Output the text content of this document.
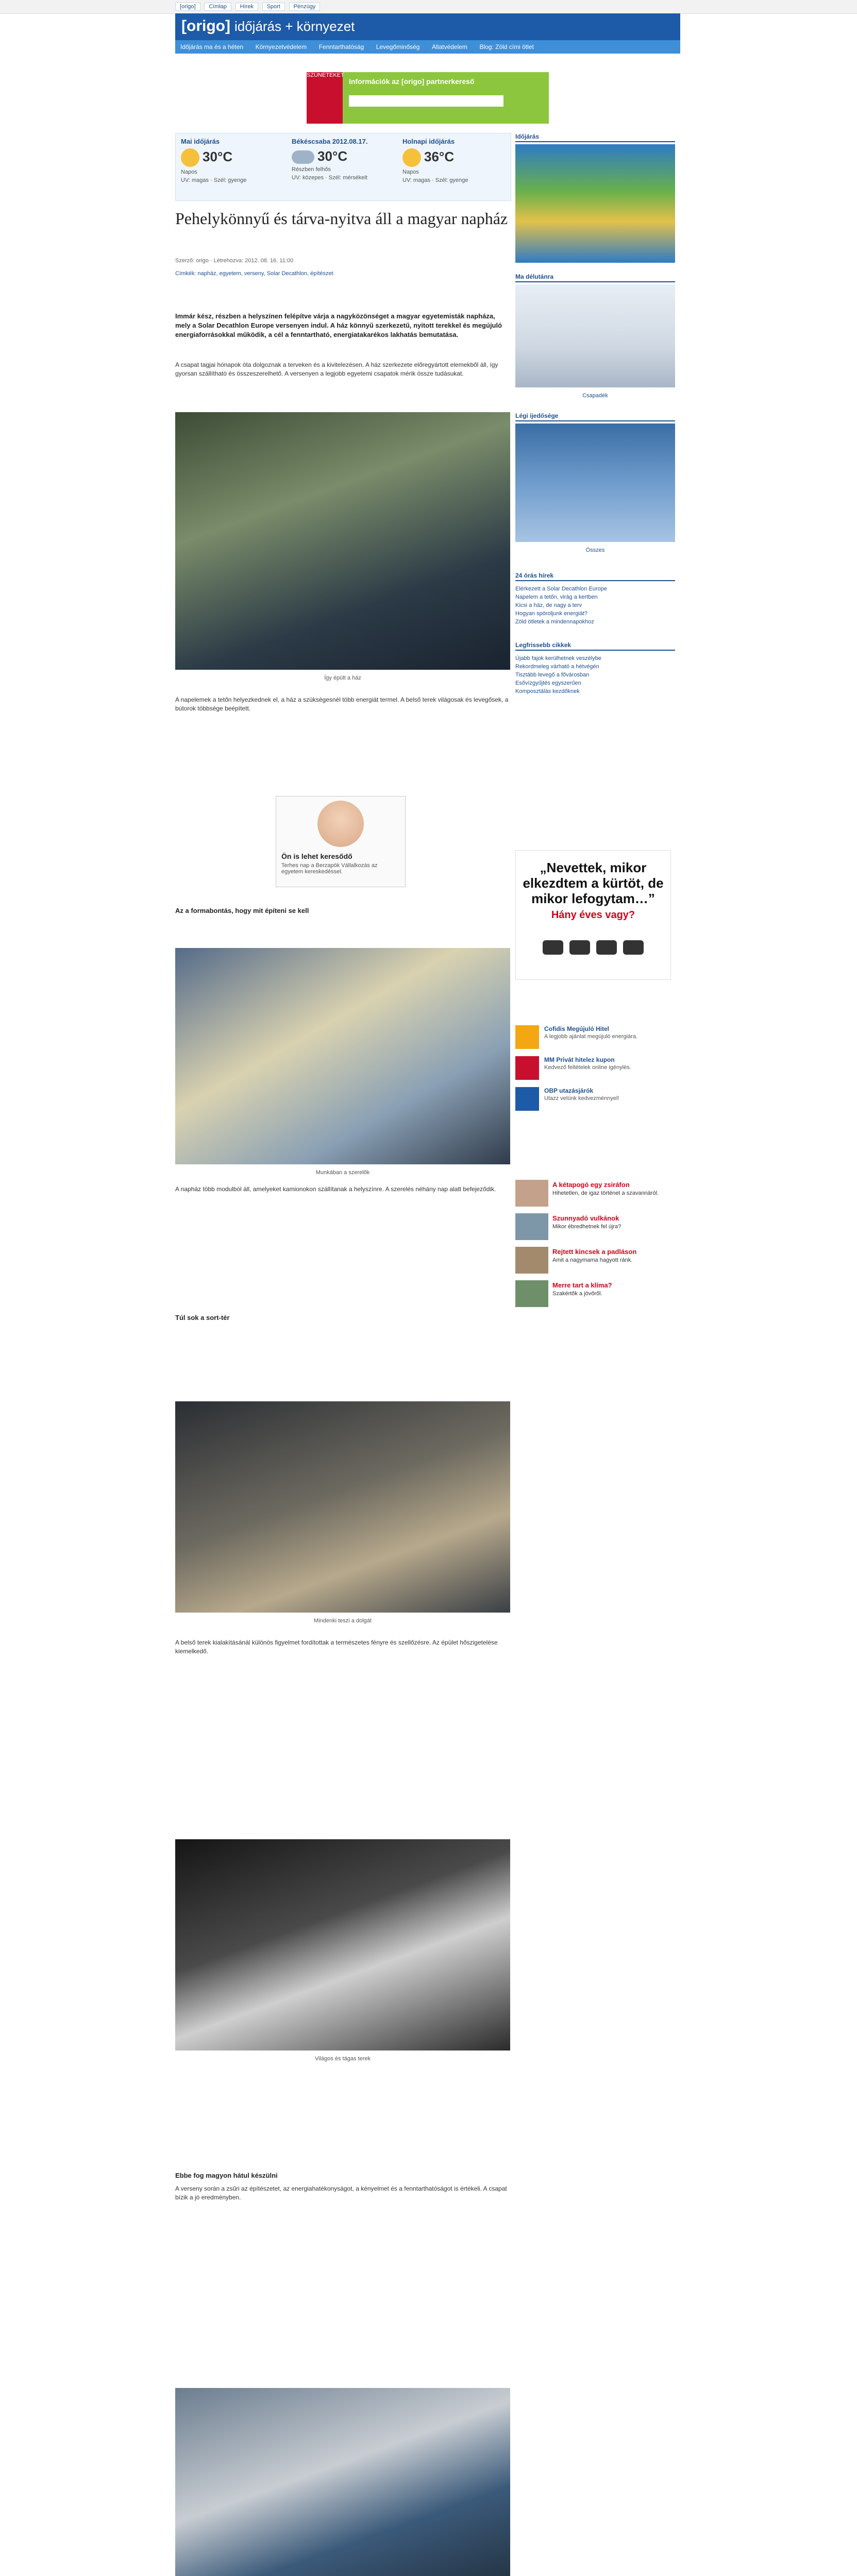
[origo] Címlap Hírek Sport Pénzügy
[origo] időjárás + környezet
Időjárás ma és a héten Környezetvédelem Fenntarthatóság Levegőminőség Allatvédelem Blog: Zöld cími ötlet
SZÜNETEKET
Információk az [origo] partnerkereső
Mai időjárás
30°C
Napos
UV: magas · Szél: gyenge
Békéscsaba 2012.08.17.
30°C
Részben felhős
UV: közepes · Szél: mérsékelt
Holnapi időjárás
36°C
Napos
UV: magas · Szél: gyenge
Pehelykönnyű és tárva-nyitva áll a magyar napház
Szerző: origo · Létrehozva: 2012. 08. 16. 11:00
Címkék: napház, egyetem, verseny, Solar Decathlon, építészet
Immár kész, részben a helyszínen felépítve várja a nagyközönséget a magyar egyetemisták napháza, mely a Solar Decathlon Europe versenyen indul. A ház könnyű szerkezetű, nyitott terekkel és megújuló energiaforrásokkal működik, a cél a fenntartható, energiatakarékos lakhatás bemutatása.
A csapat tagjai hónapok óta dolgoznak a terveken és a kivitelezésen. A ház szerkezete előregyártott elemekből áll, így gyorsan szállítható és összeszerelhető. A versenyen a legjobb egyetemi csapatok mérik össze tudásukat.
Így épült a ház
A napelemek a tetőn helyezkednek el, a ház a szükségesnél több energiát termel. A belső terek világosak és levegősek, a bútorok többsége beépített.
Ön is lehet keresődő
Terhes nap a Berzapók Vállalkozás az egyetem kereskedéssel.
Az a formabontás, hogy mit építeni se kell
Munkában a szerelők
A napház több modulból áll, amelyeket kamionokon szállítanak a helyszínre. A szerelés néhány nap alatt befejeződik.
Túl sok a sort-tér
Mindenki teszi a dolgát
A belső terek kialakításánál különös figyelmet fordítottak a természetes fényre és szellőzésre. Az épület hőszigetelése kiemelkedő.
Világos és tágas terek
Ebbe fog magyon hátul készülni
A verseny során a zsűri az építészetet, az energiahatékonyságot, a kényelmet és a fenntarthatóságot is értékeli. A csapat bízik a jó eredményben.

Időjárás
Ma délutánra
Csapadék
Légi ijedősége
Összes
24 órás hírek
Elérkezett a Solar Decathlon Europe
Napelem a tetőn, virág a kertben
Kicsi a ház, de nagy a terv
Hogyan spóroljunk energiát?
Zöld ötletek a mindennapokhoz
Legfrissebb cikkek
Újabb fajok kerülhetnek veszélybe
Rekordmeleg várható a hétvégén
Tisztább levegő a fővárosban
Esővízgyűjtés egyszerűen
Komposztálás kezdőknek
„Nevettek, mikor elkezdtem a kürtöt, de mikor lefogytam…”
Hány éves vagy?
Cofidis Megújuló Hitel
A legjobb ajánlat megújuló energiára.
MM Privát hitelez kupon
Kedvező feltételek online igénylés.
OBP utazásjárók
Utazz velünk kedvezménnyel!
A kétapogó egy zsiráfon
Hihetetlen, de igaz történet a szavannáról.
Szunnyadó vulkánok
Mikor ébredhetnek fel újra?
Rejtett kincsek a padláson
Amit a nagymama hagyott ránk.
Merre tart a klíma?
Szakértők a jövőről.
